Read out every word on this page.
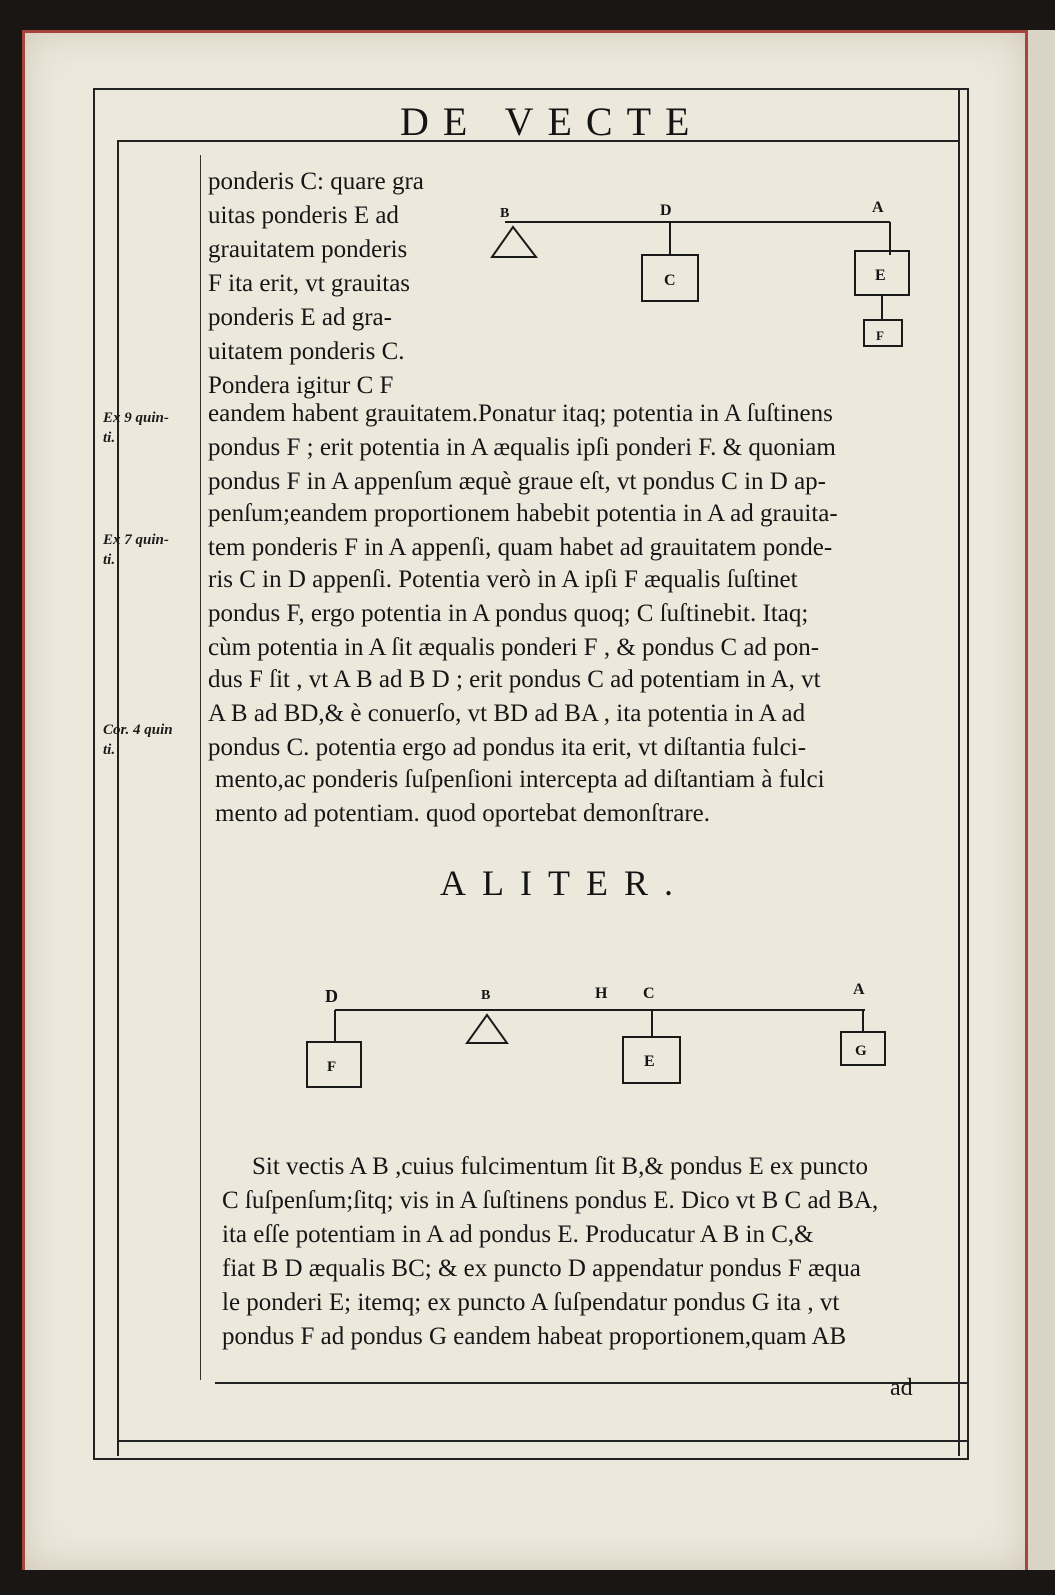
DE VECTE
Ex 9 quin-
ti.
Ex 7 quin-
ti.
Cor. 4 quin
ti.
B	D	A
C	E
F
ponderis C: quare gra
uitas ponderis E ad
grauitatem ponderis
F ita erit, vt grauitas
ponderis E ad gra-
uitatem ponderis C.
Pondera igitur C F
eandem habent grauitatem.Ponatur itaq; potentia in A ſuſtinens
pondus F ; erit potentia in A æqualis ipſi ponderi F. & quoniam
pondus F in A appenſum æquè graue eſt, vt pondus C in D ap-
penſum;eandem proportionem habebit potentia in A ad grauita-
tem ponderis F in A appenſi, quam habet ad grauitatem ponde-
ris C in D appenſi. Potentia verò in A ipſi F æqualis ſuſtinet
pondus F, ergo potentia in A pondus quoq; C ſuſtinebit. Itaq;
cùm potentia in A ſit æqualis ponderi F , & pondus C ad pon-
dus F ſit , vt A B ad B D ; erit pondus C ad potentiam in A, vt
A B ad BD,& è conuerſo, vt BD ad BA , ita potentia in A ad
pondus C. potentia ergo ad pondus ita erit, vt diſtantia fulci-
mento,ac ponderis ſuſpenſioni intercepta ad diſtantiam à fulci
mento ad potentiam. quod oportebat demonſtrare.
ALITER.
D	B	H C	A
F	E
G
Sit vectis A B ,cuius fulcimentum ſit B,& pondus E ex puncto
C ſuſpenſum;ſitq; vis in A ſuſtinens pondus E. Dico vt B C ad BA,
ita eſſe potentiam in A ad pondus E. Producatur A B in C,&
fiat B D æqualis BC; & ex puncto D appendatur pondus F æqua
le ponderi E; itemq; ex puncto A ſuſpendatur pondus G ita , vt
pondus F ad pondus G eandem habeat proportionem,quam AB
ad
